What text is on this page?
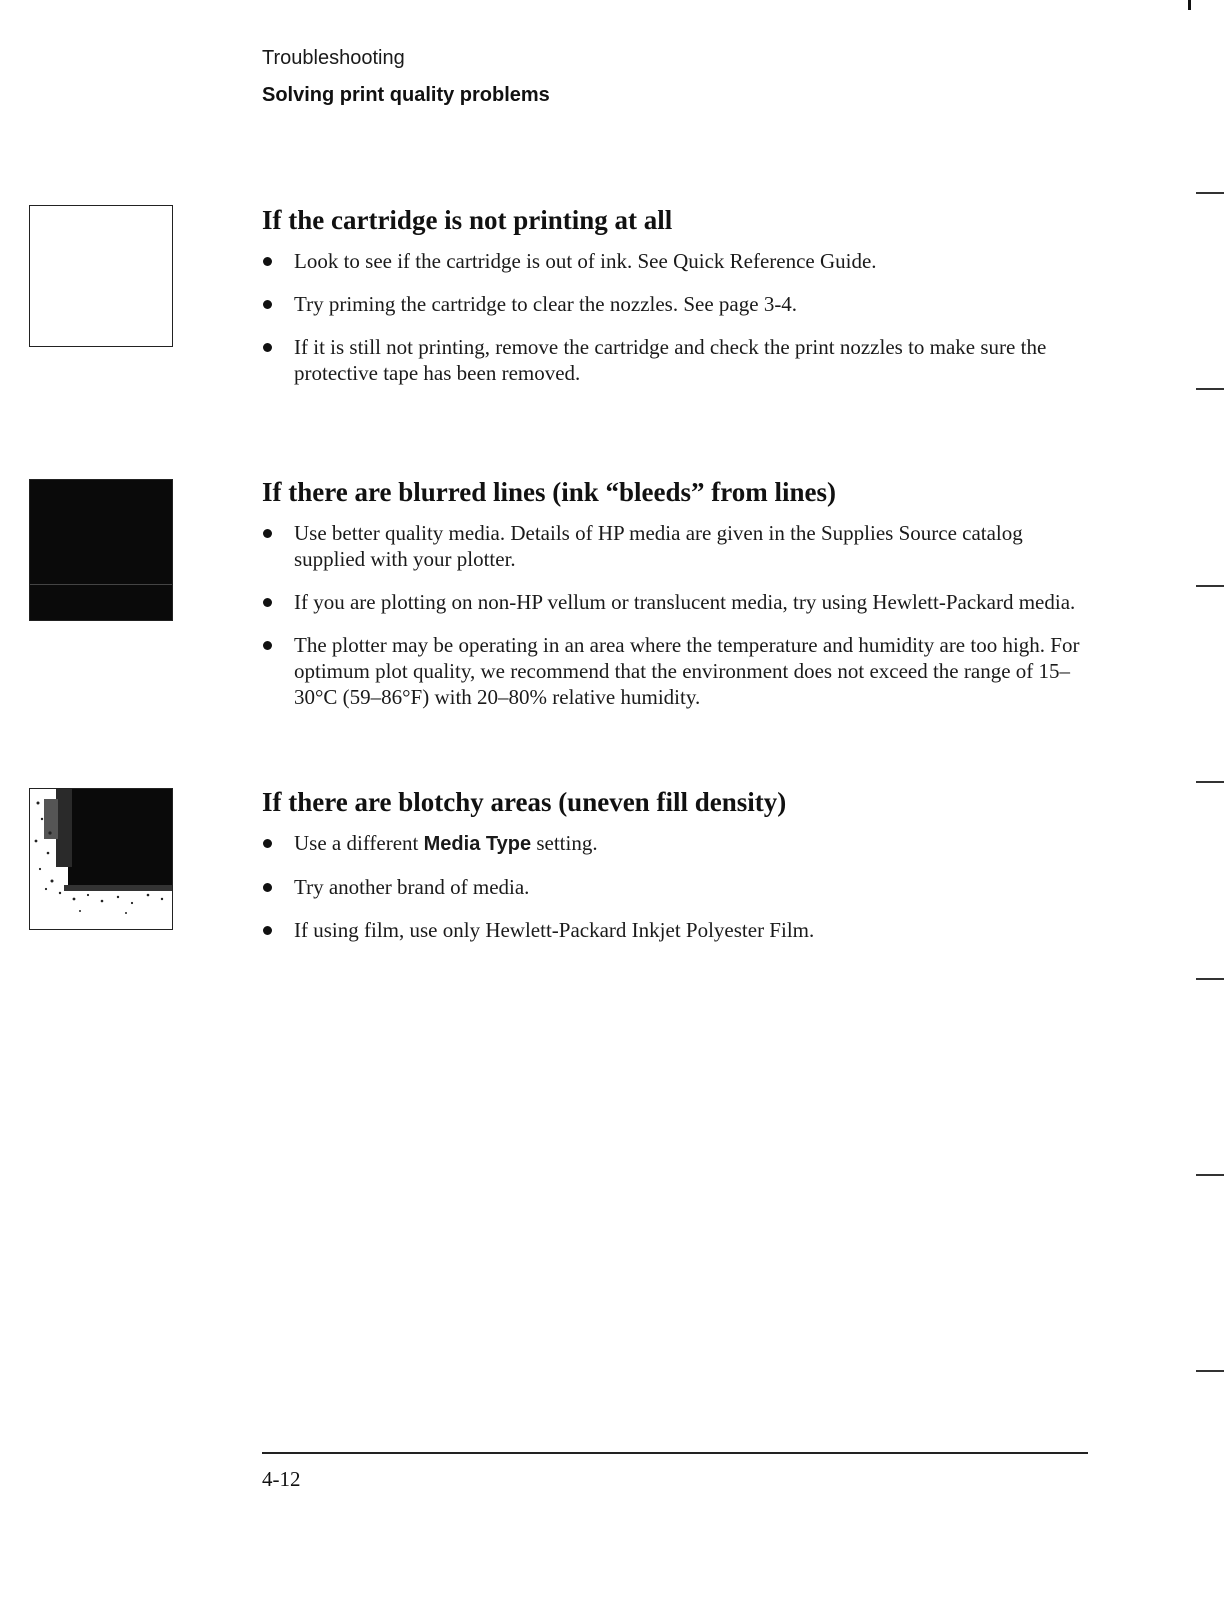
Troubleshooting
Solving print quality problems
If the cartridge is not printing at all
Look to see if the cartridge is out of ink. See Quick Reference Guide.
Try priming the cartridge to clear the nozzles. See page 3-4.
If it is still not printing, remove the cartridge and check the print nozzles to make sure the protective tape has been removed.
If there are blurred lines (ink “bleeds” from lines)
Use better quality media. Details of HP media are given in the Supplies Source catalog supplied with your plotter.
If you are plotting on non-HP vellum or translucent media, try using Hewlett-Packard media.
The plotter may be operating in an area where the temperature and humidity are too high. For optimum plot quality, we recommend that the environment does not exceed the range of 15–30°C (59–86°F) with 20–80% relative humidity.
If there are blotchy areas (uneven fill density)
Use a different Media Type setting.
Try another brand of media.
If using film, use only Hewlett-Packard Inkjet Polyester Film.
4-12
